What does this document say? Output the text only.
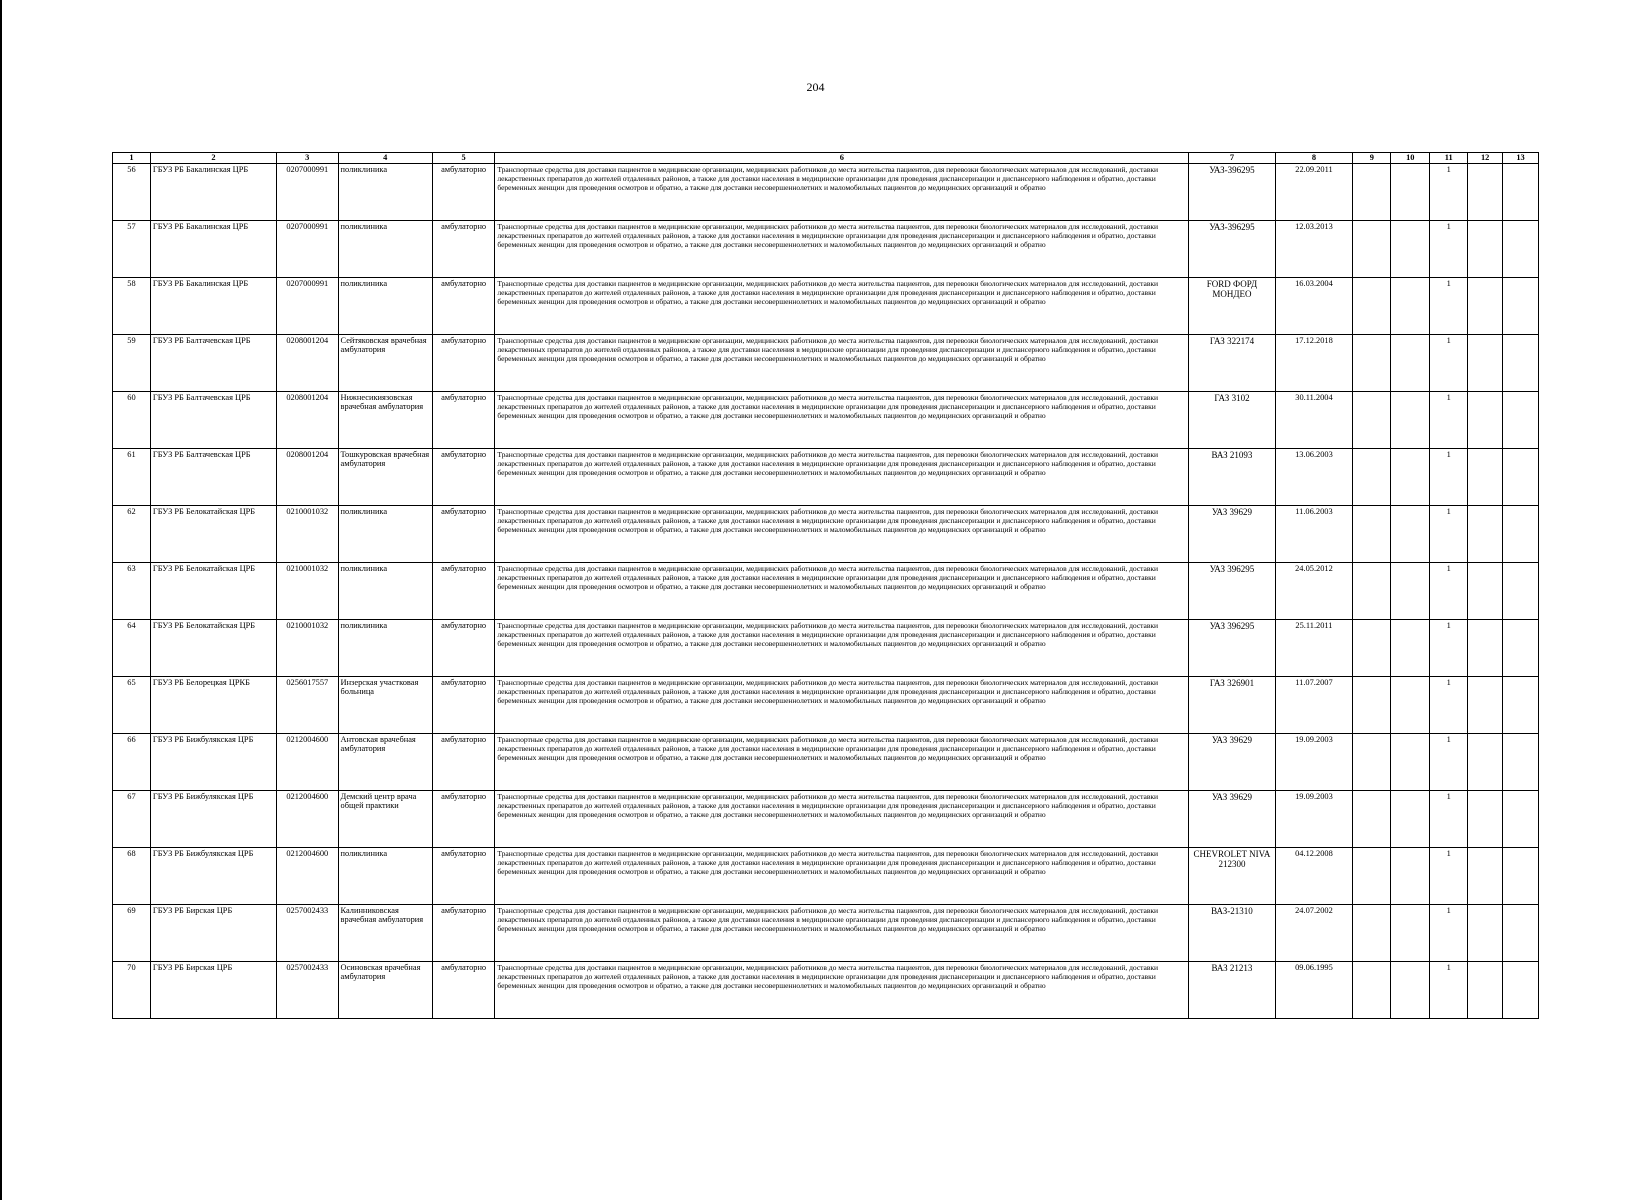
204
1	2	3	4	5	6	7	8	9	10	11	12	13
56	ГБУЗ РБ Бакалинская ЦРБ	0207000991	поликлиника	амбулаторно	Транспортные средства для доставки пациентов в медицинские организации, медицинских работников до места жительства пациентов, для перевозки биологических материалов для исследований, доставки лекарственных препаратов до жителей отдаленных районов, а также для доставки населения в медицинские организации для проведения диспансеризации и диспансерного наблюдения и обратно, доставки беременных женщин для проведения осмотров и обратно, а также для доставки несовершеннолетних и маломобильных пациентов до медицинских организаций и обратно	УАЗ-396295	22.09.2011			1		
57	ГБУЗ РБ Бакалинская ЦРБ	0207000991	поликлиника	амбулаторно	Транспортные средства для доставки пациентов в медицинские организации, медицинских работников до места жительства пациентов, для перевозки биологических материалов для исследований, доставки лекарственных препаратов до жителей отдаленных районов, а также для доставки населения в медицинские организации для проведения диспансеризации и диспансерного наблюдения и обратно, доставки беременных женщин для проведения осмотров и обратно, а также для доставки несовершеннолетних и маломобильных пациентов до медицинских организаций и обратно	УАЗ-396295	12.03.2013			1		
58	ГБУЗ РБ Бакалинская ЦРБ	0207000991	поликлиника	амбулаторно	Транспортные средства для доставки пациентов в медицинские организации, медицинских работников до места жительства пациентов, для перевозки биологических материалов для исследований, доставки лекарственных препаратов до жителей отдаленных районов, а также для доставки населения в медицинские организации для проведения диспансеризации и диспансерного наблюдения и обратно, доставки беременных женщин для проведения осмотров и обратно, а также для доставки несовершеннолетних и маломобильных пациентов до медицинских организаций и обратно	FORD ФОРД МОНДЕО	16.03.2004			1		
59	ГБУЗ РБ Балтачевская ЦРБ	0208001204	Сейтяковская врачебная амбулатория	амбулаторно	Транспортные средства для доставки пациентов в медицинские организации, медицинских работников до места жительства пациентов, для перевозки биологических материалов для исследований, доставки лекарственных препаратов до жителей отдаленных районов, а также для доставки населения в медицинские организации для проведения диспансеризации и диспансерного наблюдения и обратно, доставки беременных женщин для проведения осмотров и обратно, а также для доставки несовершеннолетних и маломобильных пациентов до медицинских организаций и обратно	ГАЗ 322174	17.12.2018			1		
60	ГБУЗ РБ Балтачевская ЦРБ	0208001204	Нижнесикиязовская врачебная амбулатория	амбулаторно	Транспортные средства для доставки пациентов в медицинские организации, медицинских работников до места жительства пациентов, для перевозки биологических материалов для исследований, доставки лекарственных препаратов до жителей отдаленных районов, а также для доставки населения в медицинские организации для проведения диспансеризации и диспансерного наблюдения и обратно, доставки беременных женщин для проведения осмотров и обратно, а также для доставки несовершеннолетних и маломобильных пациентов до медицинских организаций и обратно	ГАЗ 3102	30.11.2004			1		
61	ГБУЗ РБ Балтачевская ЦРБ	0208001204	Тошкуровская врачебная амбулатория	амбулаторно	Транспортные средства для доставки пациентов в медицинские организации, медицинских работников до места жительства пациентов, для перевозки биологических материалов для исследований, доставки лекарственных препаратов до жителей отдаленных районов, а также для доставки населения в медицинские организации для проведения диспансеризации и диспансерного наблюдения и обратно, доставки беременных женщин для проведения осмотров и обратно, а также для доставки несовершеннолетних и маломобильных пациентов до медицинских организаций и обратно	ВАЗ 21093	13.06.2003			1		
62	ГБУЗ РБ Белокатайская ЦРБ	0210001032	поликлиника	амбулаторно	Транспортные средства для доставки пациентов в медицинские организации, медицинских работников до места жительства пациентов, для перевозки биологических материалов для исследований, доставки лекарственных препаратов до жителей отдаленных районов, а также для доставки населения в медицинские организации для проведения диспансеризации и диспансерного наблюдения и обратно, доставки беременных женщин для проведения осмотров и обратно, а также для доставки несовершеннолетних и маломобильных пациентов до медицинских организаций и обратно	УАЗ 39629	11.06.2003			1		
63	ГБУЗ РБ Белокатайская ЦРБ	0210001032	поликлиника	амбулаторно	Транспортные средства для доставки пациентов в медицинские организации, медицинских работников до места жительства пациентов, для перевозки биологических материалов для исследований, доставки лекарственных препаратов до жителей отдаленных районов, а также для доставки населения в медицинские организации для проведения диспансеризации и диспансерного наблюдения и обратно, доставки беременных женщин для проведения осмотров и обратно, а также для доставки несовершеннолетних и маломобильных пациентов до медицинских организаций и обратно	УАЗ 396295	24.05.2012			1		
64	ГБУЗ РБ Белокатайская ЦРБ	0210001032	поликлиника	амбулаторно	Транспортные средства для доставки пациентов в медицинские организации, медицинских работников до места жительства пациентов, для перевозки биологических материалов для исследований, доставки лекарственных препаратов до жителей отдаленных районов, а также для доставки населения в медицинские организации для проведения диспансеризации и диспансерного наблюдения и обратно, доставки беременных женщин для проведения осмотров и обратно, а также для доставки несовершеннолетних и маломобильных пациентов до медицинских организаций и обратно	УАЗ 396295	25.11.2011			1		
65	ГБУЗ РБ Белорецкая ЦРКБ	0256017557	Инзерская участковая больница	амбулаторно	Транспортные средства для доставки пациентов в медицинские организации, медицинских работников до места жительства пациентов, для перевозки биологических материалов для исследований, доставки лекарственных препаратов до жителей отдаленных районов, а также для доставки населения в медицинские организации для проведения диспансеризации и диспансерного наблюдения и обратно, доставки беременных женщин для проведения осмотров и обратно, а также для доставки несовершеннолетних и маломобильных пациентов до медицинских организаций и обратно	ГАЗ 326901	11.07.2007			1		
66	ГБУЗ РБ Бижбулякская ЦРБ	0212004600	Антовская врачебная амбулатория	амбулаторно	Транспортные средства для доставки пациентов в медицинские организации, медицинских работников до места жительства пациентов, для перевозки биологических материалов для исследований, доставки лекарственных препаратов до жителей отдаленных районов, а также для доставки населения в медицинские организации для проведения диспансеризации и диспансерного наблюдения и обратно, доставки беременных женщин для проведения осмотров и обратно, а также для доставки несовершеннолетних и маломобильных пациентов до медицинских организаций и обратно	УАЗ 39629	19.09.2003			1		
67	ГБУЗ РБ Бижбулякская ЦРБ	0212004600	Демский центр врача общей практики	амбулаторно	Транспортные средства для доставки пациентов в медицинские организации, медицинских работников до места жительства пациентов, для перевозки биологических материалов для исследований, доставки лекарственных препаратов до жителей отдаленных районов, а также для доставки населения в медицинские организации для проведения диспансеризации и диспансерного наблюдения и обратно, доставки беременных женщин для проведения осмотров и обратно, а также для доставки несовершеннолетних и маломобильных пациентов до медицинских организаций и обратно	УАЗ 39629	19.09.2003			1		
68	ГБУЗ РБ Бижбулякская ЦРБ	0212004600	поликлиника	амбулаторно	Транспортные средства для доставки пациентов в медицинские организации, медицинских работников до места жительства пациентов, для перевозки биологических материалов для исследований, доставки лекарственных препаратов до жителей отдаленных районов, а также для доставки населения в медицинские организации для проведения диспансеризации и диспансерного наблюдения и обратно, доставки беременных женщин для проведения осмотров и обратно, а также для доставки несовершеннолетних и маломобильных пациентов до медицинских организаций и обратно	CHEVROLET NIVA 212300	04.12.2008			1		
69	ГБУЗ РБ Бирская ЦРБ	0257002433	Калинниковская врачебная амбулатория	амбулаторно	Транспортные средства для доставки пациентов в медицинские организации, медицинских работников до места жительства пациентов, для перевозки биологических материалов для исследований, доставки лекарственных препаратов до жителей отдаленных районов, а также для доставки населения в медицинские организации для проведения диспансеризации и диспансерного наблюдения и обратно, доставки беременных женщин для проведения осмотров и обратно, а также для доставки несовершеннолетних и маломобильных пациентов до медицинских организаций и обратно	ВАЗ-21310	24.07.2002			1		
70	ГБУЗ РБ Бирская ЦРБ	0257002433	Осиновская врачебная амбулатория	амбулаторно	Транспортные средства для доставки пациентов в медицинские организации, медицинских работников до места жительства пациентов, для перевозки биологических материалов для исследований, доставки лекарственных препаратов до жителей отдаленных районов, а также для доставки населения в медицинские организации для проведения диспансеризации и диспансерного наблюдения и обратно, доставки беременных женщин для проведения осмотров и обратно, а также для доставки несовершеннолетних и маломобильных пациентов до медицинских организаций и обратно	ВАЗ 21213	09.06.1995			1		
